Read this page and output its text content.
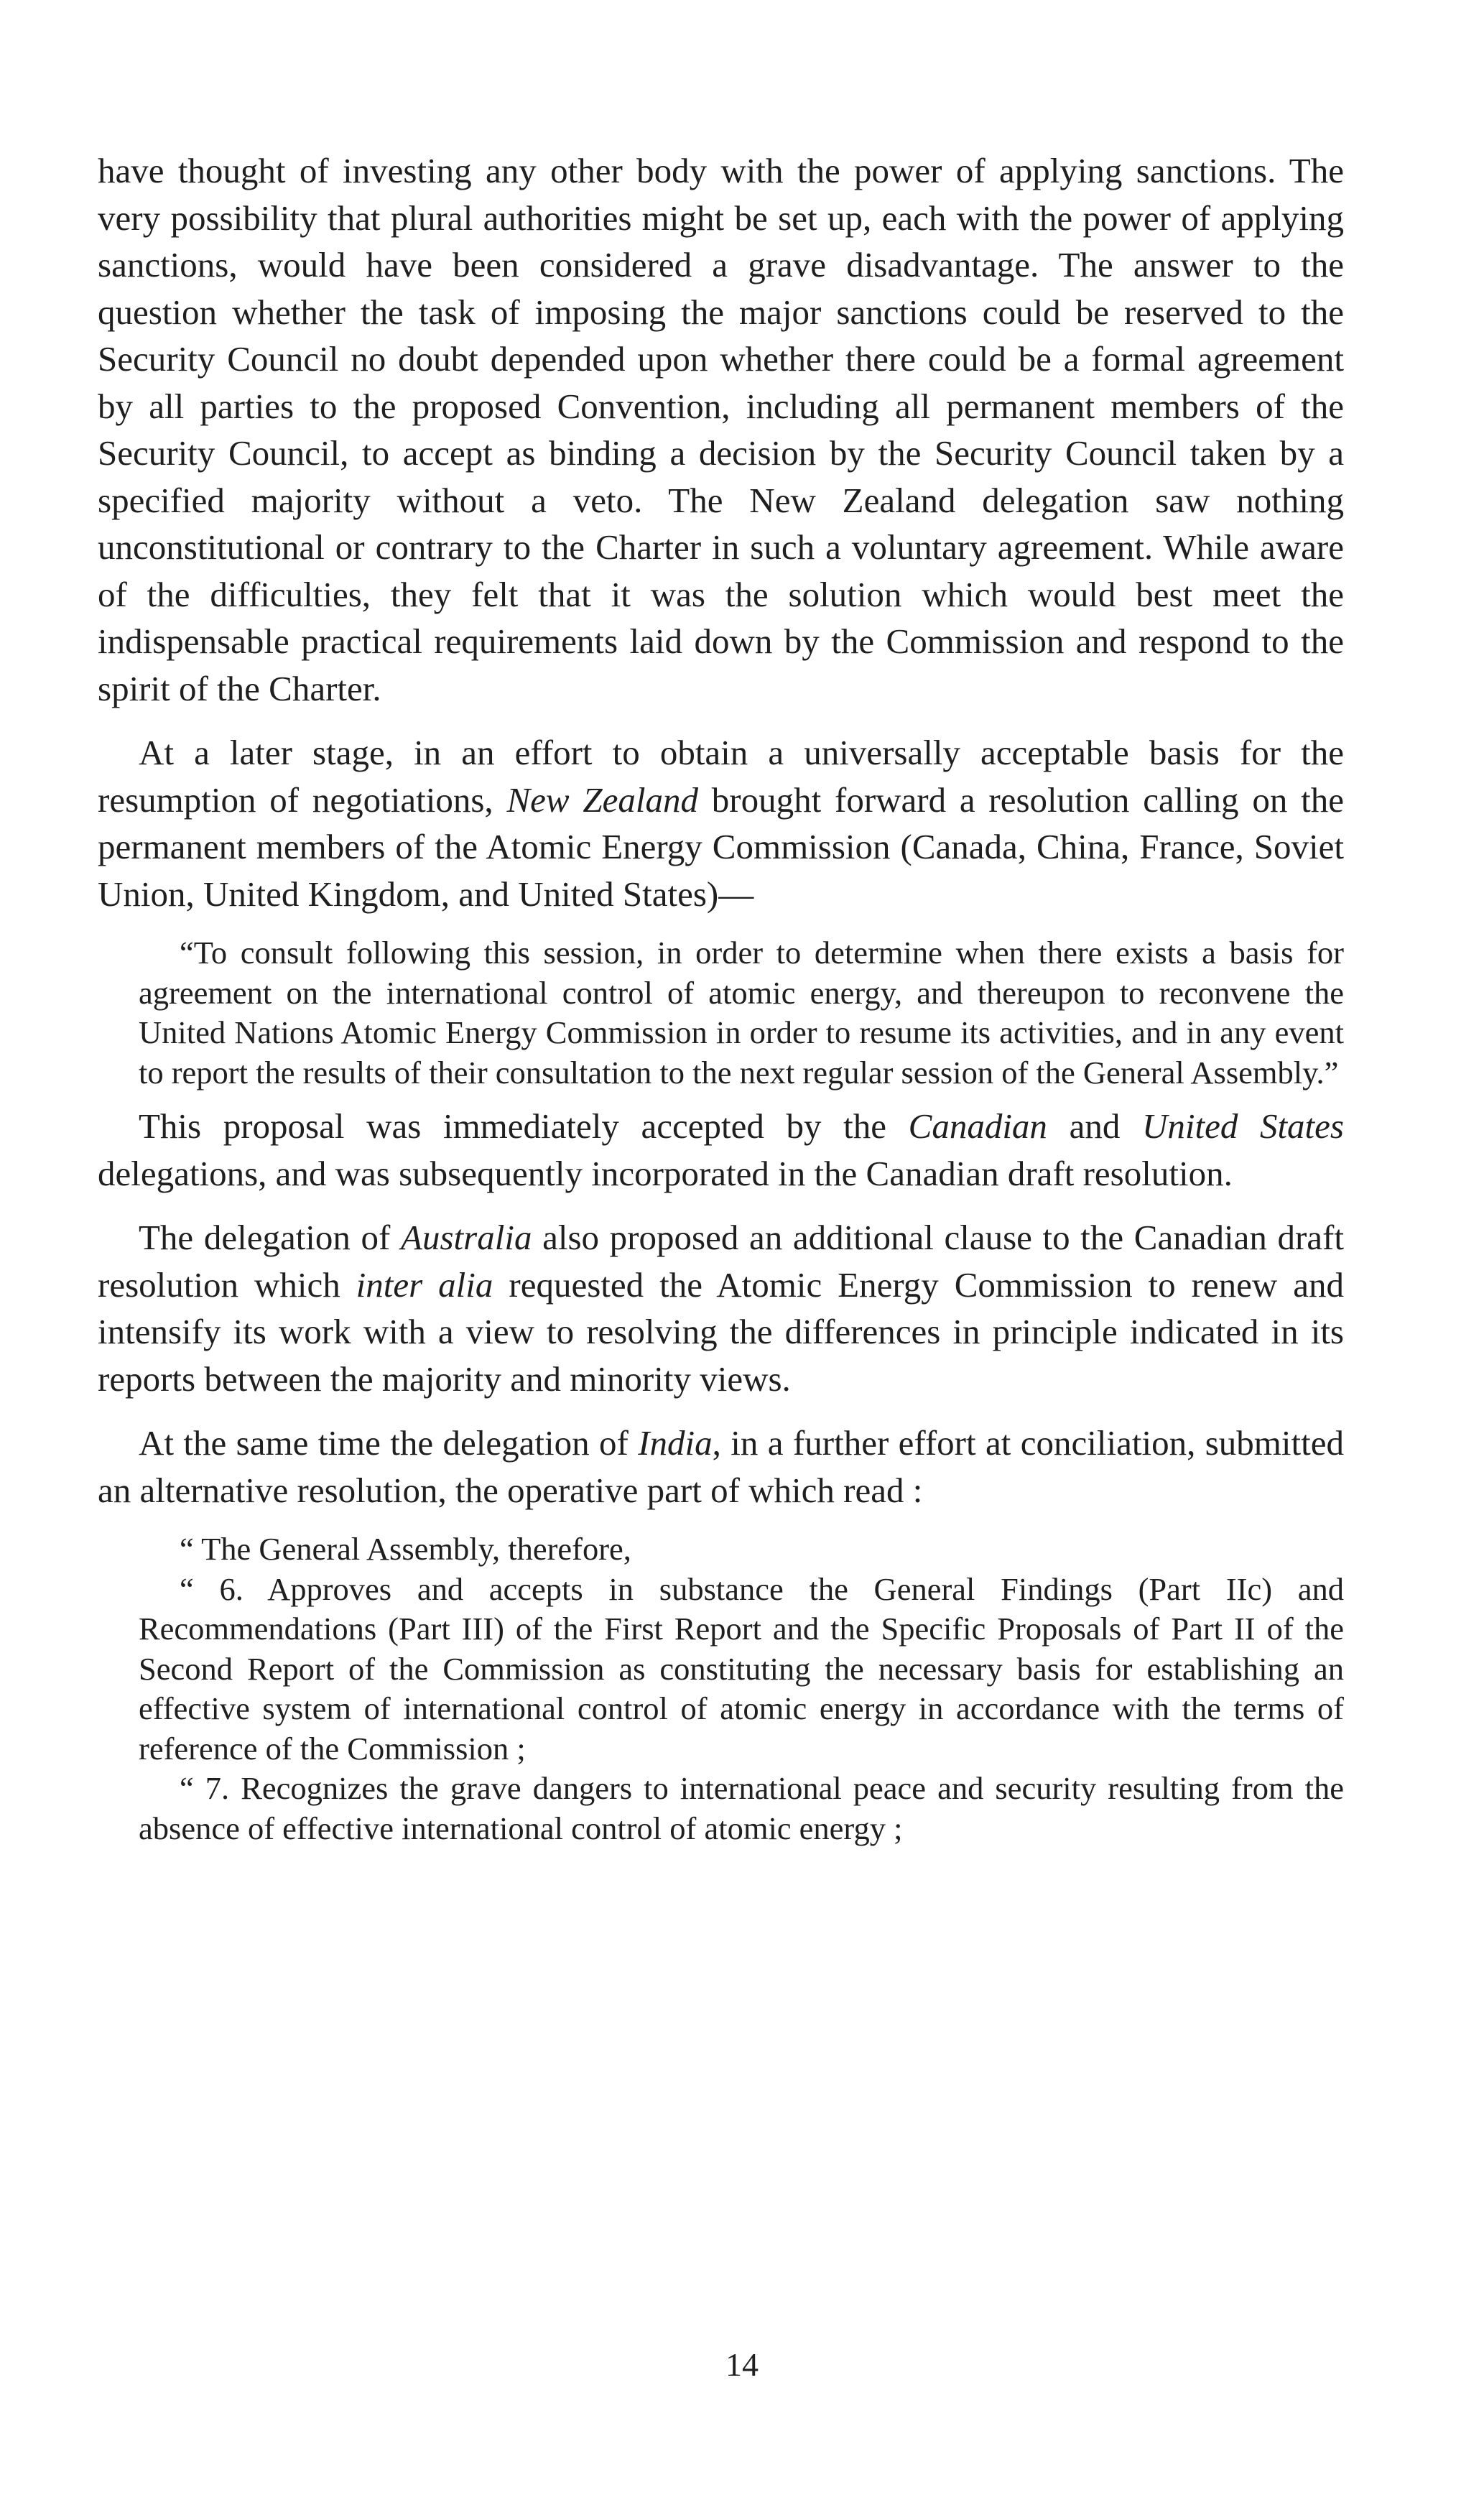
have thought of investing any other body with the power of applying sanctions. The very possibility that plural authorities might be set up, each with the power of applying sanctions, would have been considered a grave disadvantage. The answer to the question whether the task of imposing the major sanctions could be reserved to the Security Council no doubt depended upon whether there could be a formal agreement by all parties to the proposed Convention, including all permanent members of the Security Council, to accept as binding a decision by the Security Council taken by a specified majority without a veto. The New Zealand delegation saw nothing unconstitutional or contrary to the Charter in such a voluntary agreement. While aware of the difficulties, they felt that it was the solution which would best meet the indispensable practical requirements laid down by the Commission and respond to the spirit of the Charter.

At a later stage, in an effort to obtain a universally acceptable basis for the resumption of negotiations, New Zealand brought forward a resolution calling on the permanent members of the Atomic Energy Commission (Canada, China, France, Soviet Union, United Kingdom, and United States)—

“To consult following this session, in order to determine when there exists a basis for agreement on the international control of atomic energy, and thereupon to reconvene the United Nations Atomic Energy Commission in order to resume its activities, and in any event to report the results of their consultation to the next regular session of the General Assembly.”

This proposal was immediately accepted by the Canadian and United States delegations, and was subsequently incorporated in the Canadian draft resolution.

The delegation of Australia also proposed an additional clause to the Canadian draft resolution which inter alia requested the Atomic Energy Commission to renew and intensify its work with a view to resolving the differences in principle indicated in its reports between the majority and minority views.

At the same time the delegation of India, in a further effort at conciliation, submitted an alternative resolution, the operative part of which read :

“ The General Assembly, therefore,

“ 6. Approves and accepts in substance the General Findings (Part IIc) and Recommendations (Part III) of the First Report and the Specific Proposals of Part II of the Second Report of the Commission as constituting the necessary basis for establishing an effective system of international control of atomic energy in accordance with the terms of reference of the Commission ;

“ 7. Recognizes the grave dangers to international peace and security resulting from the absence of effective international control of atomic energy ;

14
